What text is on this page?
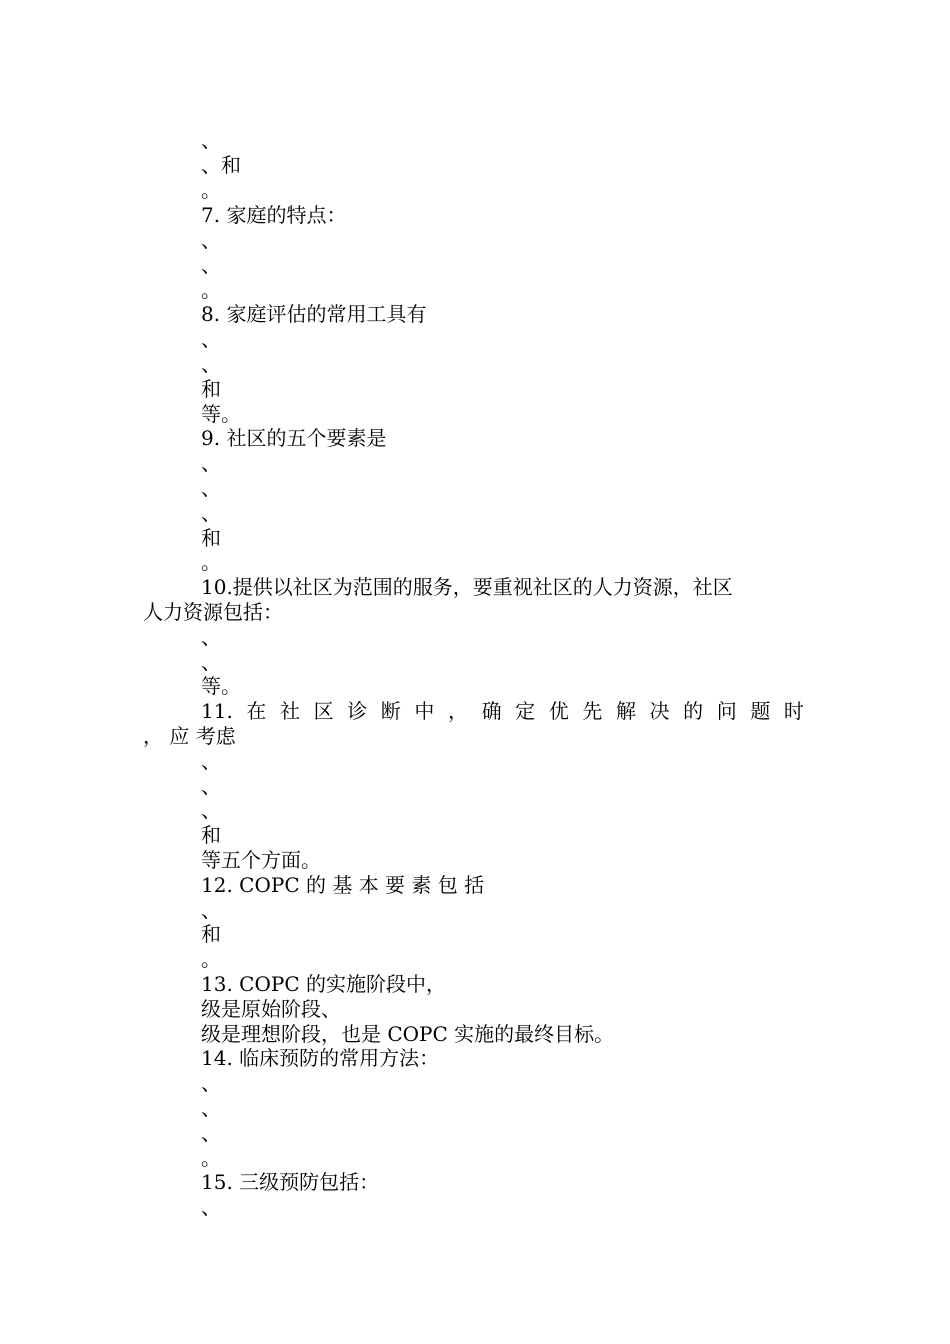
、
、和
。
7. 家庭的特点：
、
、
。
8. 家庭评估的常用工具有
、
、
和
等。
9. 社区的五个要素是
、
、
、
和
。
10.提供以社区为范围的服务，要重视社区的人力资源，社区
人力资源包括：
、
、
等。
11. 在 社 区 诊 断 中 ， 确 定 优 先 解 决 的 问 题 时
， 应 考虑
、
、
、
和
等五个方面。
12. COPC 的 基 本 要 素 包 括
、
和
。
13. COPC 的实施阶段中，
级是原始阶段、
级是理想阶段，也是 COPC 实施的最终目标。
14. 临床预防的常用方法：
、
、
、
。
15. 三级预防包括：
、
